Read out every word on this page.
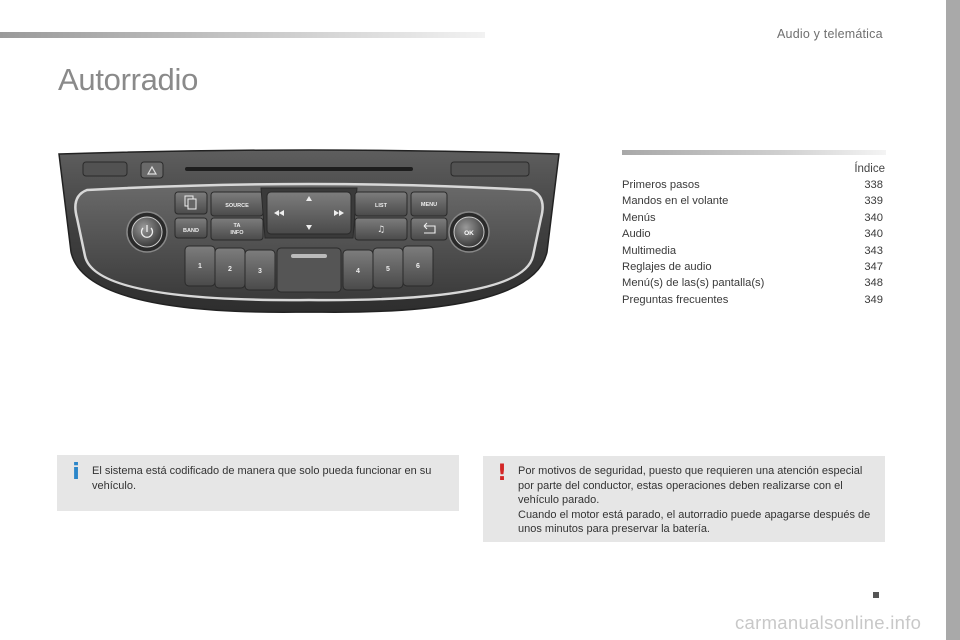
Audio y telemática
Autorradio
OK
BAND
SOURCE
TA
INFO
LIST
♫
MENU
1	2	3	4	5	6
Índice
Primeros pasos	338
Mandos en el volante	339
Menús	340
Audio	340
Multimedia	343
Reglajes de audio	347
Menú(s) de las(s) pantalla(s)	348
Preguntas frecuentes	349
i	El sistema está codificado de manera que solo pueda funcionar en su vehículo.	! Por motivos de seguridad, puesto que requieren una atención especial por parte del conductor, estas operaciones deben realizarse con el vehículo parado.
Cuando el motor está parado, el autorradio puede apagarse después de unos minutos para preservar la batería.
carmanualsonline.info
